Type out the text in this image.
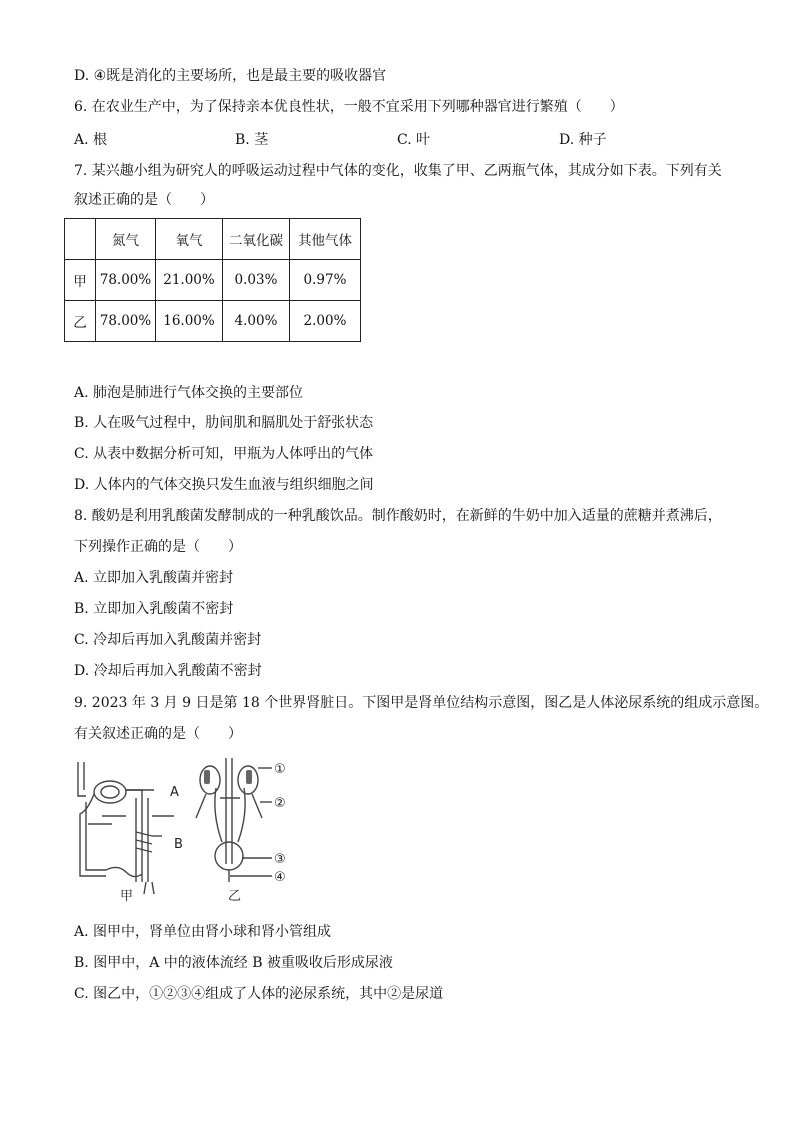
D. ④既是消化的主要场所，也是最主要的吸收器官
6. 在农业生产中，为了保持亲本优良性状，一般不宜采用下列哪种器官进行繁殖（　　）
A. 根	B. 茎	C. 叶	D. 种子
7. 某兴趣小组为研究人的呼吸运动过程中气体的变化，收集了甲、乙两瓶气体，其成分如下表。下列有关
叙述正确的是（　　）
	氮气	氧气	二氧化碳	其他气体
甲	78.00%	21.00%	0.03%	0.97%
乙	78.00%	16.00%	4.00%	2.00%
A. 肺泡是肺进行气体交换的主要部位
B. 人在吸气过程中，肋间肌和膈肌处于舒张状态
C. 从表中数据分析可知，甲瓶为人体呼出的气体
D. 人体内的气体交换只发生血液与组织细胞之间
8. 酸奶是利用乳酸菌发酵制成的一种乳酸饮品。制作酸奶时，在新鲜的牛奶中加入适量的蔗糖并煮沸后，
下列操作正确的是（　　）
A. 立即加入乳酸菌并密封
B. 立即加入乳酸菌不密封
C. 冷却后再加入乳酸菌并密封
D. 冷却后再加入乳酸菌不密封
9. 2023 年 3 月 9 日是第 18 个世界肾脏日。下图甲是肾单位结构示意图，图乙是人体泌尿系统的组成示意图。
有关叙述正确的是（　　）
A
B
甲	乙
①
②
③
④
A. 图甲中，肾单位由肾小球和肾小管组成
B. 图甲中，A 中的液体流经 B 被重吸收后形成尿液
C. 图乙中，①②③④组成了人体的泌尿系统，其中②是尿道
